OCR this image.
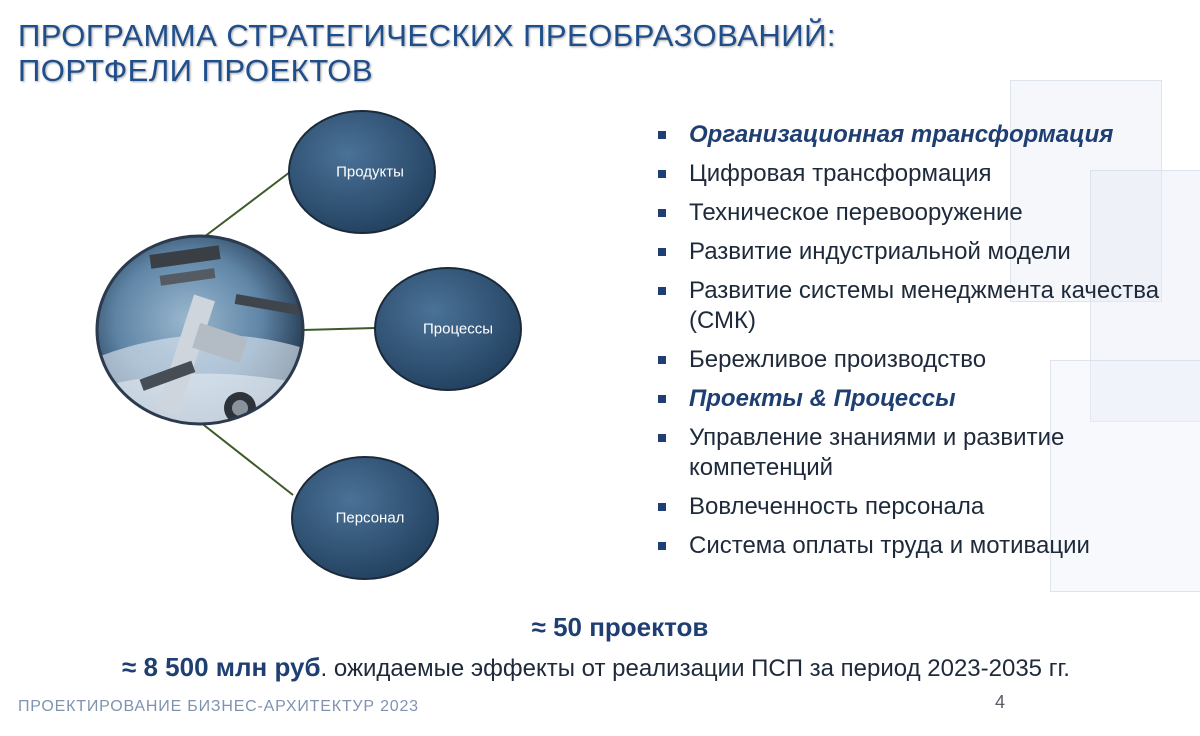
ПРОГРАММА СТРАТЕГИЧЕСКИХ ПРЕОБРАЗОВАНИЙ:
ПОРТФЕЛИ ПРОЕКТОВ
Продукты
Процессы
Персонал
Организационная трансформация
Цифровая трансформация
Техническое перевооружение
Развитие индустриальной модели
Развитие системы менеджмента качества (СМК)
Бережливое производство
Проекты & Процессы
Управление знаниями и развитие компетенций
Вовлеченность персонала
Система оплаты труда и мотивации
≈ 50 проектов
≈ 8 500 млн руб. ожидаемые эффекты от реализации ПСП за период 2023-2035 гг.
ПРОЕКТИРОВАНИЕ БИЗНЕС-АРХИТЕКТУР 2023	4
